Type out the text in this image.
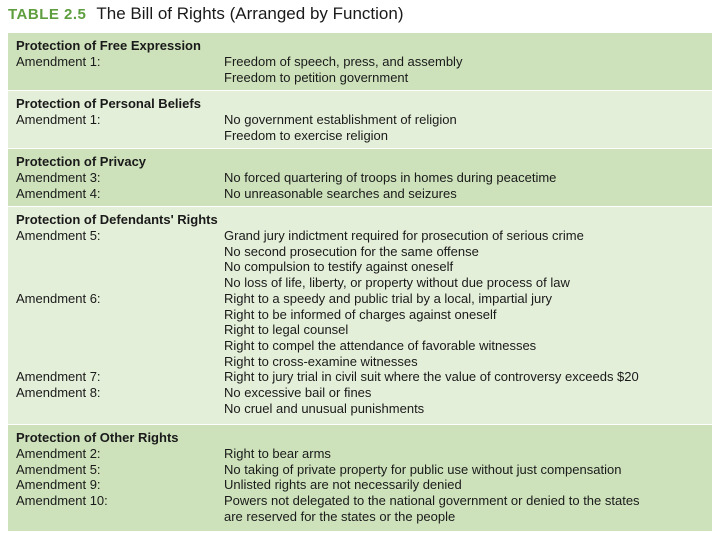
TABLE 2.5 The Bill of Rights (Arranged by Function)
Protection of Free Expression
Amendment 1:	Freedom of speech, press, and assembly
Freedom to petition government
Protection of Personal Beliefs
Amendment 1:	No government establishment of religion
Freedom to exercise religion
Protection of Privacy
Amendment 3:	No forced quartering of troops in homes during peacetime
Amendment 4:	No unreasonable searches and seizures
Protection of Defendants' Rights
Amendment 5:	Grand jury indictment required for prosecution of serious crime
No second prosecution for the same offense
No compulsion to testify against oneself
No loss of life, liberty, or property without due process of law
Amendment 6:	Right to a speedy and public trial by a local, impartial jury
Right to be informed of charges against oneself
Right to legal counsel
Right to compel the attendance of favorable witnesses
Right to cross-examine witnesses
Amendment 7:	Right to jury trial in civil suit where the value of controversy exceeds $20
Amendment 8:	No excessive bail or fines
No cruel and unusual punishments
Protection of Other Rights
Amendment 2:	Right to bear arms
Amendment 5:	No taking of private property for public use without just compensation
Amendment 9:	Unlisted rights are not necessarily denied
Amendment 10:	Powers not delegated to the national government or denied to the states
are reserved for the states or the people
